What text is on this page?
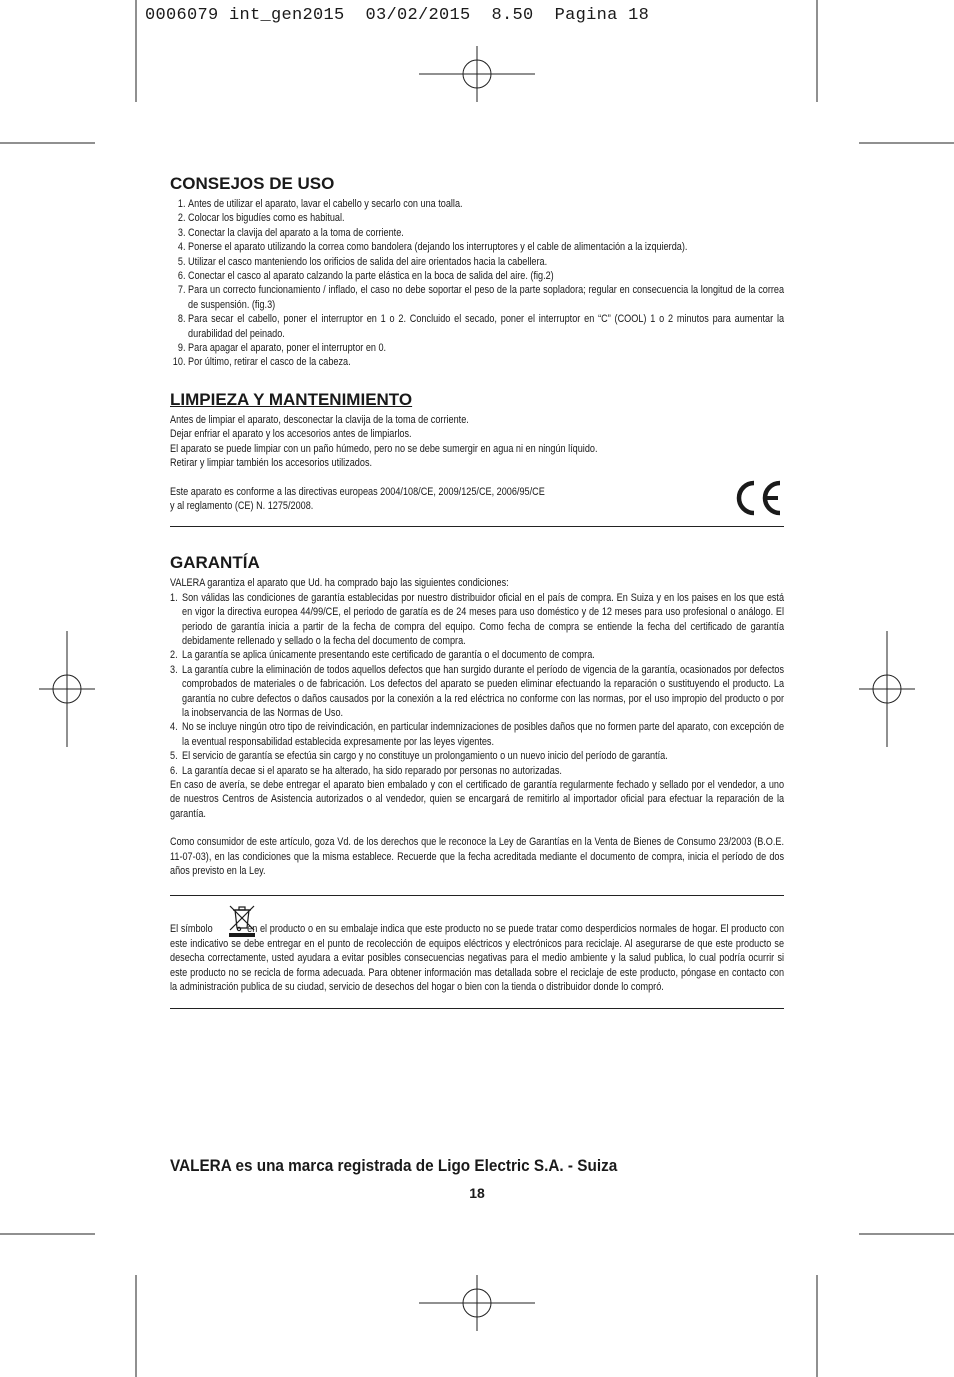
0006079 int_gen2015  03/02/2015  8.50  Pagina 18
CONSEJOS DE USO
1. Antes de utilizar el aparato, lavar el cabello y secarlo con una toalla.
2. Colocar los bigudíes como es habitual.
3. Conectar la clavija del aparato a la toma de corriente.
4. Ponerse el aparato utilizando la correa como bandolera (dejando los interruptores y el cable de alimentación a la izquierda).
5. Utilizar el casco manteniendo los orificios de salida del aire orientados hacia la cabellera.
6. Conectar el casco al aparato calzando la parte elástica en la boca de salida del aire. (fig.2)
7. Para un correcto funcionamiento / inflado, el caso no debe soportar el peso de la parte sopladora; regular en consecuencia la longitud de la correa de suspensión. (fig.3)
8. Para secar el cabello, poner el interruptor en 1 o 2. Concluido el secado, poner el interruptor en “C” (COOL) 1 o 2 minutos para aumentar la durabilidad del peinado.
9. Para apagar el aparato, poner el interruptor en 0.
10. Por último, retirar el casco de la cabeza.
LIMPIEZA Y MANTENIMIENTO

Antes de limpiar el aparato, desconectar la clavija de la toma de corriente.

Dejar enfriar el aparato y los accesorios antes de limpiarlos.

El aparato se puede limpiar con un paño húmedo, pero no se debe sumergir en agua ni en ningún líquido.

Retirar y limpiar también los accesorios utilizados.

Este aparato es conforme a las directivas europeas 2004/108/CE, 2009/125/CE, 2006/95/CE

y al reglamento (CE) N. 1275/2008.

GARANTÍA

VALERA garantiza el aparato que Ud. ha comprado bajo las siguientes condiciones:

1. Son válidas las condiciones de garantía establecidas por nuestro distribuidor oficial en el país de compra. En Suiza y en los paises en los que está en vigor la directiva europea 44/99/CE, el periodo de garatía es de 24 meses para uso doméstico y de 12 meses para uso profesional o análogo. El periodo de garantía inicia a partir de la fecha de compra del equipo. Como fecha de compra se entiende la fecha del certificado de garantía debidamente rellenado y sellado o la fecha del documento de compra.
2. La garantía se aplica únicamente presentando este certificado de garantía o el documento de compra.
3. La garantía cubre la eliminación de todos aquellos defectos que han surgido durante el período de vigencia de la garantía, ocasionados por defectos comprobados de materiales o de fabricación. Los defectos del aparato se pueden eliminar efectuando la reparación o sustituyendo el producto. La garantía no cubre defectos o daños causados por la conexión a la red eléctrica no conforme con las normas, por el uso impropio del producto o por la inobservancia de las Normas de Uso.
4. No se incluye ningún otro tipo de reivindicación, en particular indemnizaciones de posibles daños que no formen parte del aparato, con excepción de la eventual responsabilidad establecida expresamente por las leyes vigentes.
5. El servicio de garantía se efectúa sin cargo y no constituye un prolongamiento o un nuevo inicio del período de garantía.
6. La garantía decae si el aparato se ha alterado, ha sido reparado por personas no autorizadas.

En caso de avería, se debe entregar el aparato bien embalado y con el certificado de garantía regularmente fechado y sellado por el vendedor, a uno de nuestros Centros de Asistencia autorizados o al vendedor, quien se encargará de remitirlo al importador oficial para efectuar la reparación de la garantía.

Como consumidor de este artículo, goza Vd. de los derechos que le reconoce la Ley de Garantías en la Venta de Bienes de Consumo 23/2003 (B.O.E. 11-07-03), en las condiciones que la misma establece. Recuerde que la fecha acreditada mediante el documento de compra, inicia el período de dos años previsto en la Ley.

El símbolo	en el producto o en su embalaje indica que este producto no se puede tratar como desperdicios normales de hogar. El producto con este indicativo se debe entregar en el punto de recolección de equipos eléctricos y electrónicos para reciclaje. Al asegurarse de que este producto se desecha correctamente, usted ayudara a evitar posibles consecuencias negativas para el medio ambiente y la salud publica, lo cual podría ocurrir si este producto no se recicla de forma adecuada. Para obtener información mas detallada sobre el reciclaje de este producto, póngase en contacto con la administración publica de su ciudad, servicio de desechos del hogar o bien con la tienda o distribuidor donde lo compró.

VALERA es una marca registrada de Ligo Electric S.A. - Suiza
18
